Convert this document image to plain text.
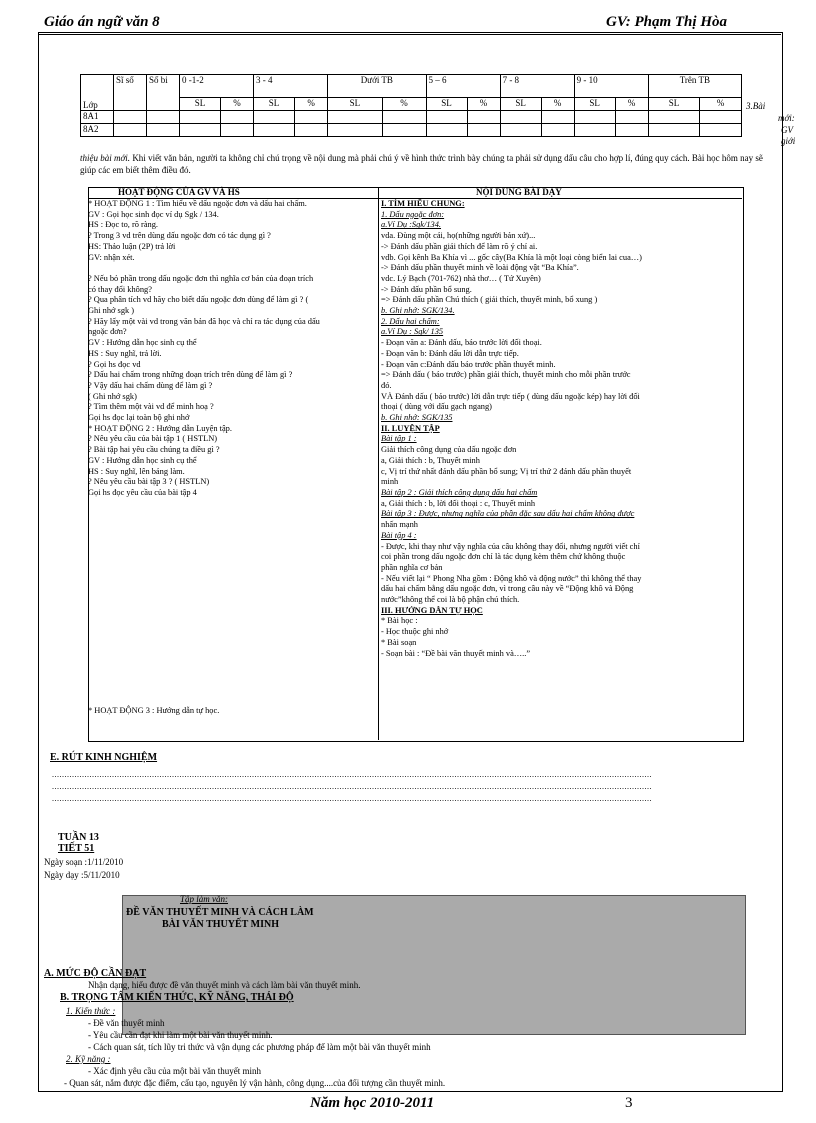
Giáo án ngữ văn 8	GV: Phạm Thị Hòa
Lớp	Sĩ số	Số bi	0 -1-2		3 - 4		Dưới TB		5 – 6		7 - 8		9 - 10		Trên TB	
			SL	%	SL	%	SL	%	SL	%	SL	%	SL	%	SL	%
8A1																
8A2																
3.Bài
mới:
GV
giới
thiệu bài mới. Khi viết văn bản, người ta không chỉ chú trọng về nội dung mà phải chú ý về hình thức trình bày chúng ta phải sử dụng dấu câu cho hợp lí, đúng quy cách. Bài học hôm nay sẽ giúp các em biết thêm điều đó.
HOẠT ĐỘNG CỦA GV VÀ HS	NỘI DUNG BÀI DẠY
* HOẠT ĐỘNG 1 : Tìm hiểu về dấu ngoặc đơn và dấu hai chấm.
GV : Gọi học sinh đọc ví dụ Sgk / 134.
HS : Đọc to, rõ ràng.
? Trong 3 vd trên dùng dấu ngoặc đơn có tác dụng gì ?
HS: Thảo luận (2P) trả lời
GV: nhận xét.

? Nếu bỏ phần trong dấu ngoặc đơn thì nghĩa cơ bản của đoạn trích
có thay đổi không?
? Qua phân tích vd hãy cho biết dấu ngoặc đơn dùng để làm gì ? (
Ghi nhớ sgk )
? Hãy lấy một vài vd trong văn bản đã học và chỉ ra tác dụng của dấu
ngoặc đơn?
GV : Hướng dẫn học sinh cụ thể
HS : Suy nghĩ, trả lời.
? Gọi hs đọc vd
? Dấu hai chấm trong những đoạn trích trên dùng để làm gì ?
? Vậy dấu hai chấm dùng để làm gì ?
( Ghi nhớ sgk)
? Tìm thêm một vài vd để minh hoạ ?
Gọi hs đọc lại toàn bộ ghi nhớ
* HOẠT ĐỘNG 2 : Hướng dẫn Luyện tập.
? Nêu yêu cầu của bài tập 1 ( HSTLN)
? Bài tập hai yêu cầu chúng ta điều gì ?
GV : Hướng dẫn học sinh cụ thể
HS : Suy nghĩ, lên bảng làm.
? Nêu yêu cầu bài tập 3 ? ( HSTLN)
Gọi hs đọc yêu cầu của bài tập 4
* HOẠT ĐỘNG 3 : Hướng dẫn tự học.
I. TÌM HIỂU CHUNG:
1. Dấu ngoặc đơn:
a.Ví Dụ :Sgk/134.
vda. Đùng một cái, họ(những người bản xứ)...
-> Đánh dấu phần giải thích để làm rõ ý chỉ ai.
vdb. Gọi kênh Ba Khía vì ... gốc cây(Ba Khía là một loại còng biển lai cua…)
-> Đánh dấu phần thuyết minh về loài động vật “Ba Khía”.
vdc. Lý Bạch (701-762) nhà thơ… ( Tứ Xuyên)
-> Đánh dấu phần bổ sung.
=> Đánh dấu phần Chú thích ( giải thích, thuyết minh, bổ xung )
b. Ghi nhớ: SGK/134.
2. Dấu hai chấm:
a.Ví Dụ : Sgk/ 135
- Đoạn văn a: Đánh dấu, báo trước lời đối thoại.
- Đoạn văn b: Đánh dấu lời dẫn trực tiếp.
- Đoạn văn c:Đánh dấu báo trước phần thuyết minh.
=> Đánh dấu ( báo trước) phần giải thích, thuyết minh cho mỗi phần trước
đó.
VÀ Đánh dấu ( báo trước) lời dẫn trực tiếp ( dùng dấu ngoặc kép) hay lời đối
thoại ( dùng với dấu gạch ngang)
b. Ghi nhớ: SGK/135
II. LUYỆN TẬP
Bài tập 1 :
Giải thích công dụng của dấu ngoặc đơn
a, Giải thích : b, Thuyết minh
c, Vị trí thứ nhất đánh dấu phần bổ sung; Vị trí thứ 2 đánh dấu phần thuyết
minh
Bài tập 2 : Giải thích công dụng dấu hai chấm
a, Giải thích : b, lời đối thoại : c, Thuyết minh
Bài tập 3 : Được, nhưng nghĩa của phần đặc sau dấu hai chấm không được
nhấn mạnh
Bài tập 4 :
- Được, khi thay như vậy nghĩa của câu không thay đổi, nhưng người viết chỉ
coi phần trong dấu ngoặc đơn chỉ là tác dụng kèm thêm chứ không thuộc
phần nghĩa cơ bản
- Nếu viết lại “ Phong Nha gồm : Động khô và động nước” thì không thể thay
dấu hai chấm bằng dấu ngoặc đơn, vì trong câu này về “Động khô và Động
nước”không thể coi là bộ phận chú thích.
III. HƯỚNG DẪN TỰ HỌC
* Bài học :
- Học thuộc ghi nhớ
* Bài soạn
- Soạn bài : “Đề bài văn thuyết minh và…..”
E. RÚT KINH NGHIỆM
................................................................................................................................................................................................................................................
................................................................................................................................................................................................................................................
................................................................................................................................................................................................................................................
TUẦN 13
TIẾT 51
Ngày soạn :1/11/2010
Ngày dạy :5/11/2010
Tập làm văn:
ĐỀ VĂN THUYẾT MINH VÀ CÁCH LÀM
BÀI VĂN THUYẾT MINH
A. MỨC ĐỘ CẦN ĐẠT
Nhận dạng, hiểu được đề văn thuyết minh và cách làm bài văn thuyết minh.
B. TRỌNG TÂM KIẾN THỨC, KỸ NĂNG, THÁI ĐỘ
1. Kiến thức :
- Đề văn thuyết minh
- Yêu cầu cần đạt khi làm một bài văn thuyết minh.
- Cách quan sát, tích lũy tri thức và vận dụng các phương pháp để làm một bài văn thuyết minh
2. Kỹ năng :
- Xác định yêu cầu của một bài văn thuyết minh
- Quan sát, nắm được đặc điểm, cấu tạo, nguyên lý vận hành, công dụng....của đối tượng cần thuyết minh.
Năm học 2010-2011	3
